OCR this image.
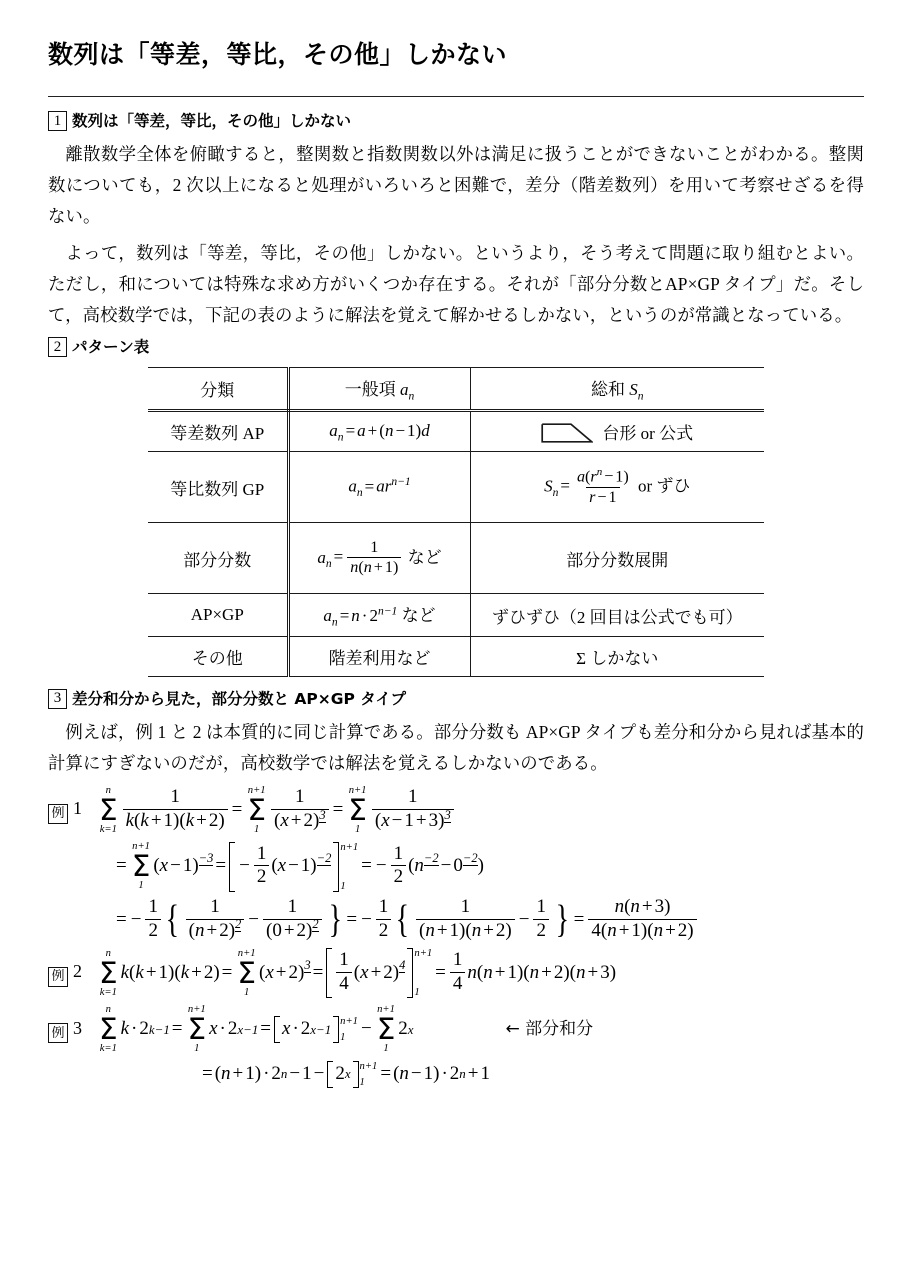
数列は「等差，等比，その他」しかない
1 数列は「等差，等比，その他」しかない

離散数学全体を俯瞰すると，整関数と指数関数以外は満足に扱うことができないことがわかる。整関数についても，2 次以上になると処理がいろいろと困難で，差分（階差数列）を用いて考察せざるを得ない。

よって，数列は「等差，等比，その他」しかない。というより，そう考えて問題に取り組むとよい。ただし，和については特殊な求め方がいくつか存在する。それが「部分分数とAP×GP タイプ」だ。そして，高校数学では，下記の表のように解法を覚えて解かせるしかない，というのが常識となっている。

2 パターン表
分類	一般項 $a_n$	総和 $S_n$
等差数列 AP	$a_n = a + (n - 1)d$	台形 or 公式
等比数列 GP	$a_n = ar^{n-1}$	$S_n = \frac{a(r^n - 1)}{r - 1}$ or ずひ
部分分数	$a_n = \frac{1}{n(n + 1)}$ など	部分分数展開
AP×GP	$a_n = n \cdot 2^{n-1}$ など	ずひずひ（2 回目は公式でも可）
その他	階差利用など	Σ しかない
3 差分和分から見た，部分分数と AP×GP タイプ

例えば，例 1 と 2 は本質的に同じ計算である。部分分数も AP×GP タイプも差分和分から見れば基本的計算にすぎないのだが，高校数学では解法を覚えるしかないのである。

例 1
n
Σ
$k=1 \frac{1}{k(k + 1)(k + 2)}$ =
n+1
Σ
$1 \frac{1}{(x + 2)3}$ =
n+1
Σ
$1 \frac{1}{(x - 1 + 3)3}$
=
n+1
Σ
1
( x − 1) −3 = − $\frac{1}{2}$ ( x − 1) −2
n+1
1
= − $\frac{1}{2}$ ( n −2 − 0 −2 )
= − $\frac{1}{2}$ { $\frac{1}{(n + 2)2} - \frac{1}{(0 + 2)2}$ } = − $\frac{1}{2}$ { $\frac{1}{(n + 1)(n + 2)} - \frac{1}{2}$ } = $\frac{n(n + 3)}{4(n + 1)(n + 2)}$
例 2
n
Σ
k=1
k ( k + 1)( k + 2) =
n+1
Σ
1
( x + 2) $3 = \frac{1}{4}$ ( x + 2) 4
n+1
1
= $\frac{1}{4}$ n ( n + 1)( n + 2)( n + 3)
例 3
n
Σ
k=1
k · 2 k−1 =
n+1
Σ
1
x · 2 x−1 = x · 2 x−1 n+1
1 −
n+1
Σ
1
2 x	← 部分和分
= ( n + 1) · 2 n − 1 − 2 x n+1
1 = ( n − 1) · 2 n + 1
